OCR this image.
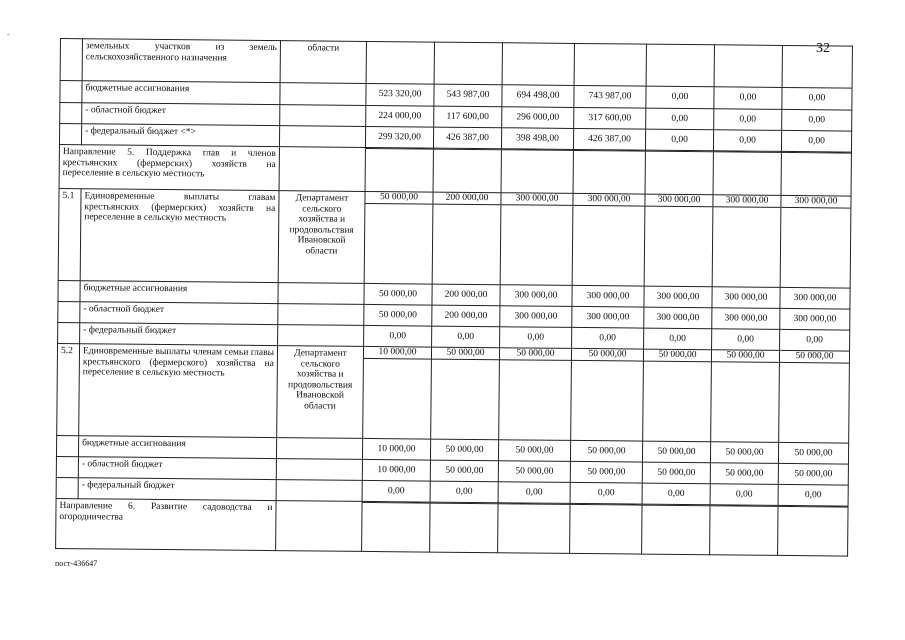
-
32
	земельных участков из земель сельскохозяйственного назначения	области							
	бюджетные ассигнования		523 320,00	543 987,00	694 498,00	743 987,00	0,00	0,00	0,00
	- областной бюджет		224 000,00	117 600,00	296 000,00	317 600,00	0,00	0,00	0,00
	- федеральный бюджет <*>		299 320,00	426 387,00	398 498,00	426 387,00	0,00	0,00	0,00
Направление 5. Поддержка глав и членов крестьянских (фермерских) хозяйств на переселение в сельскую местность			

5.1	Единовременные выплаты главам крестьянских (фермерских) хозяйств на переселение в сельскую местность	Департамент сельского хозяйства и продовольствия Ивановской области	50 000,00	200 000,00	300 000,00	300 000,00	300 000,00	300 000,00	300 000,00

	бюджетные ассигнования		50 000,00	200 000,00	300 000,00	300 000,00	300 000,00	300 000,00	300 000,00
	- областной бюджет		50 000,00	200 000,00	300 000,00	300 000,00	300 000,00	300 000,00	300 000,00
	- федеральный бюджет		0,00	0,00	0,00	0,00	0,00	0,00	0,00
5.2	Единовременные выплаты членам семьи главы крестьянского (фермерского) хозяйства на переселение в сельскую местность	Департамент сельского хозяйства и продовольствия Ивановской области	10 000,00	50 000,00	50 000,00	50 000,00	50 000,00	50 000,00	50 000,00

	бюджетные ассигнования		10 000,00	50 000,00	50 000,00	50 000,00	50 000,00	50 000,00	50 000,00
	- областной бюджет		10 000,00	50 000,00	50 000,00	50 000,00	50 000,00	50 000,00	50 000,00
	- федеральный бюджет		0,00	0,00	0,00	0,00	0,00	0,00	0,00
Направление 6. Развитие садоводства и огородничества			

пост-436647
